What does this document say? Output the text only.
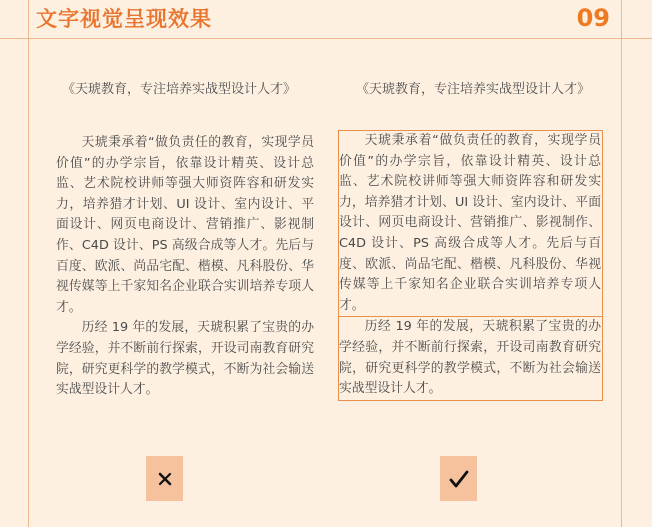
文字视觉呈现效果	09
《天琥教育，专注培养实战型设计人才》	《天琥教育，专注培养实战型设计人才》

天琥秉承着“做负责任的教育，实现学员价值”的办学宗旨，依靠设计精英、设计总监、艺术院校讲师等强大师资阵容和研发实力，培养猎才计划、UI 设计、室内设计、平面设计、网页电商设计、营销推广、影视制作、C4D 设计、PS 高级合成等人才。先后与百度、欧派、尚品宅配、楷模、凡科股份、华视传媒等上千家知名企业联合实训培养专项人才。

历经 19 年的发展，天琥积累了宝贵的办学经验，并不断前行探索，开设司南教育研究院，研究更科学的教学模式，不断为社会输送实战型设计人才。

天琥秉承着“做负责任的教育，实现学员价值”的办学宗旨，依靠设计精英、设计总监、艺术院校讲师等强大师资阵容和研发实力，培养猎才计划、UI 设计、室内设计、平面设计、网页电商设计、营销推广、影视制作、C4D 设计、PS 高级合成等人才。先后与百度、欧派、尚品宅配、楷模、凡科股份、华视传媒等上千家知名企业联合实训培养专项人才。

历经 19 年的发展，天琥积累了宝贵的办学经验，并不断前行探索，开设司南教育研究院，研究更科学的教学模式，不断为社会输送实战型设计人才。
